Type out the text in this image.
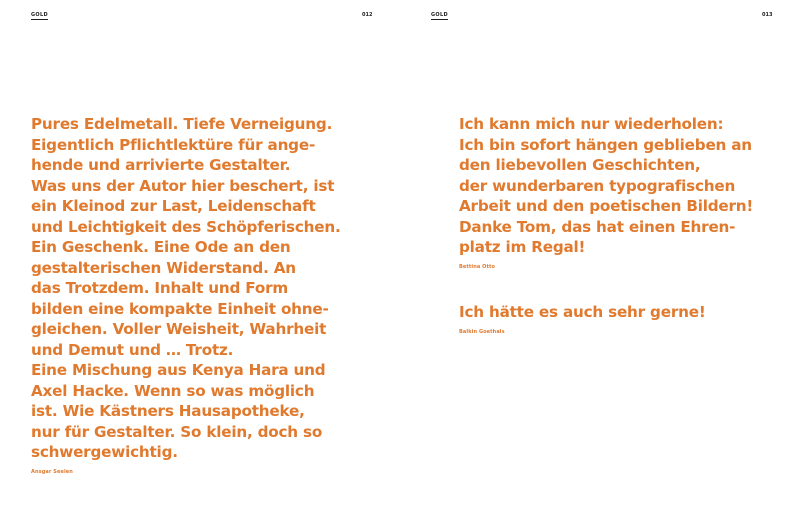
GOLD	012

Pures Edelmetall. Tiefe Verneigung.
Eigentlich Pflichtlektüre für ange-
hende und arrivierte Gestalter.
Was uns der Autor hier beschert, ist
ein Kleinod zur Last, Leidenschaft
und Leichtigkeit des Schöpferischen.
Ein Geschenk. Eine Ode an den
gestalterischen Widerstand. An
das Trotzdem. Inhalt und Form
bilden eine kompakte Einheit ohne-
gleichen. Voller Weisheit, Wahrheit
und Demut und … Trotz.
Eine Mischung aus Kenya Hara und
Axel Hacke. Wenn so was möglich
ist. Wie Kästners Hausapotheke,
nur für Gestalter. So klein, doch so
schwergewichtig.

Ansgar Seelen
GOLD	013

Ich kann mich nur wiederholen:
Ich bin sofort hängen geblieben an
den liebevollen Geschichten,
der wunderbaren typografischen
Arbeit und den poetischen Bildern!
Danke Tom, das hat einen Ehren-
platz im Regal!

Bettina Otto

Ich hätte es auch sehr gerne!

Balkin Goethals
